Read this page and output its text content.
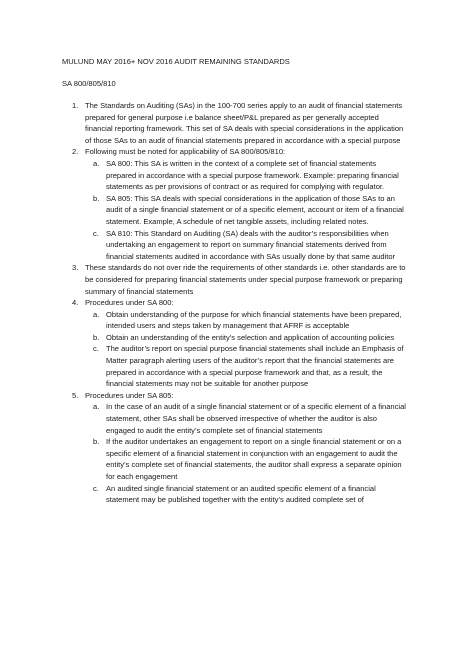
MULUND MAY 2016+ NOV 2016 AUDIT REMAINING STANDARDS
SA 800/805/810
1. The Standards on Auditing (SAs) in the 100-700 series apply to an audit of financial statements prepared for general purpose i.e balance sheet/P&L prepared as per generally accepted financial reporting framework. This set of SA deals with special considerations in the application of those SAs to an audit of financial statements prepared in accordance with a special purpose
2. Following must be noted for applicability of SA 800/805/810:
a. SA 800: This SA is written in the context of a complete set of financial statements prepared in accordance with a special purpose framework. Example: preparing financial statements as per provisions of contract or as required for complying with regulator.
b. SA 805: This SA deals with special considerations in the application of those SAs to an audit of a single financial statement or of a specific element, account or item of a financial statement. Example, A schedule of net tangible assets, including related notes.
c. SA 810: This Standard on Auditing (SA) deals with the auditor’s responsibilities when undertaking an engagement to report on summary financial statements derived from financial statements audited in accordance with SAs usually done by that same auditor
3. These standards do not over ride the requirements of other standards i.e. other standards are to be considered for preparing financial statements under special purpose framework or preparing summary of financial statements
4. Procedures under SA 800:
a. Obtain understanding of the purpose for which financial statements have been prepared, intended users and steps taken by management that AFRF is acceptable
b. Obtain an understanding of the entity’s selection and application of accounting policies
c. The auditor’s report on special purpose financial statements shall include an Emphasis of Matter paragraph alerting users of the auditor’s report that the financial statements are prepared in accordance with a special purpose framework and that, as a result, the financial statements may not be suitable for another purpose
5. Procedures under SA 805:
a. In the case of an audit of a single financial statement or of a specific element of a financial statement, other SAs shall be observed irrespective of whether the auditor is also engaged to audit the entity’s complete set of financial statements
b. If the auditor undertakes an engagement to report on a single financial statement or on a specific element of a financial statement in conjunction with an engagement to audit the entity’s complete set of financial statements, the auditor shall express a separate opinion for each engagement
c. An audited single financial statement or an audited specific element of a financial statement may be published together with the entity’s audited complete set of
